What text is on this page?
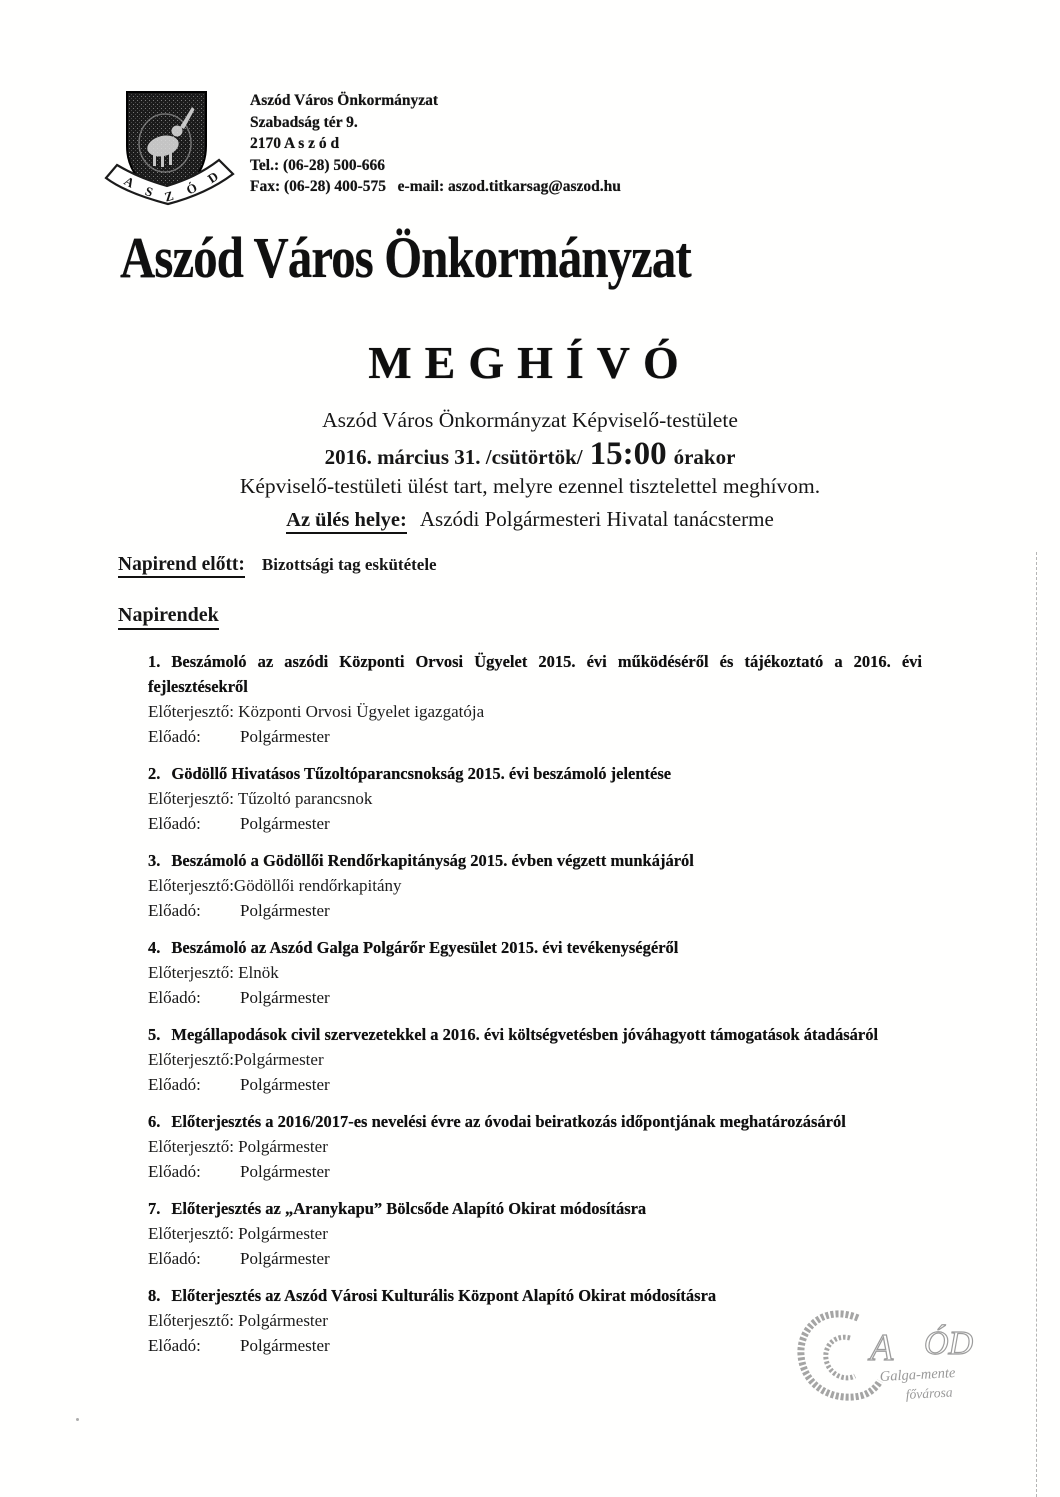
A S Z Ó D
Aszód Város Önkormányzat
Szabadság tér 9.
2170 A s z ó d
Tel.: (06-28) 500-666
Fax: (06-28) 400-575   e-mail: aszod.titkarsag@aszod.hu
Aszód Város Önkormányzat
MEGHÍVÓ
Aszód Város Önkormányzat Képviselő-testülete
2016. március 31. /csütörtök/ 15:00 órakor
Képviselő-testületi ülést tart, melyre ezennel tisztelettel meghívom.
Az ülés helye: Aszódi Polgármesteri Hivatal tanácsterme
Napirend előtt: Bizottsági tag eskütétele
Napirendek
1. Beszámoló az aszódi Központi Orvosi Ügyelet 2015. évi működéséről és tájékoztató a 2016. évi fejlesztésekről
Előterjesztő: Központi Orvosi Ügyelet igazgatója
Előadó: Polgármester
2. Gödöllő Hivatásos Tűzoltóparancsnokság 2015. évi beszámoló jelentése
Előterjesztő: Tűzoltó parancsnok
Előadó: Polgármester
3. Beszámoló a Gödöllői Rendőrkapitányság 2015. évben végzett munkájáról
Előterjesztő:Gödöllői rendőrkapitány
Előadó: Polgármester
4. Beszámoló az Aszód Galga Polgárőr Egyesület 2015. évi tevékenységéről
Előterjesztő: Elnök
Előadó: Polgármester
5. Megállapodások civil szervezetekkel a 2016. évi költségvetésben jóváhagyott támogatások átadásáról
Előterjesztő:Polgármester
Előadó: Polgármester
6. Előterjesztés a 2016/2017-es nevelési évre az óvodai beiratkozás időpontjának meghatározásáról
Előterjesztő: Polgármester
Előadó: Polgármester
7. Előterjesztés az „Aranykapu” Bölcsőde Alapító Okirat módosításra
Előterjesztő: Polgármester
Előadó: Polgármester
8. Előterjesztés az Aszód Városi Kulturális Központ Alapító Okirat módosításra
Előterjesztő: Polgármester
Előadó: Polgármester	A ÓD
Galga-mente
fővárosa
